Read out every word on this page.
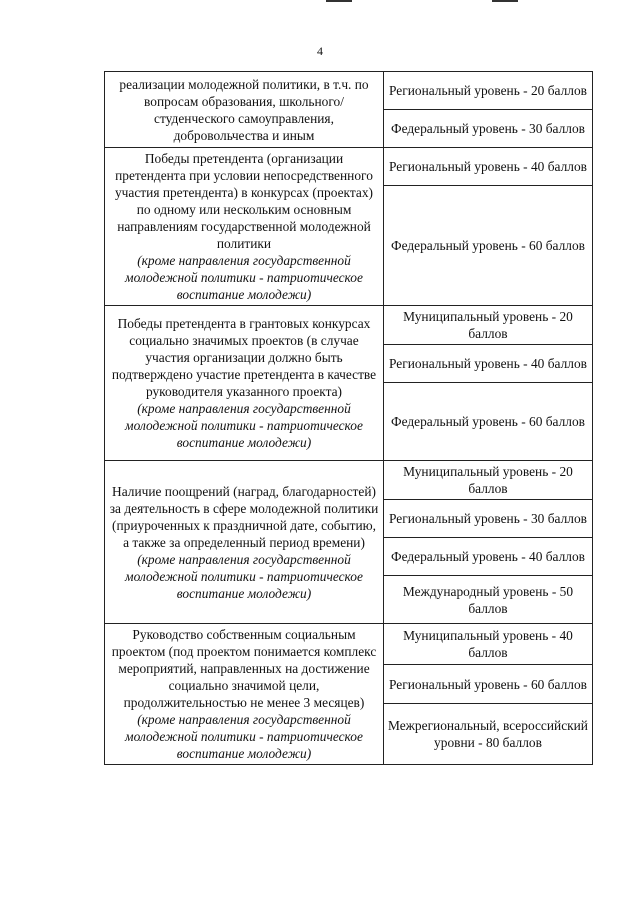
4
реализации молодежной политики, в т.ч. по вопросам образования, школьного/студенческого самоуправления, добровольчества и иным	Региональный уровень - 20 баллов
	Федеральный уровень - 30 баллов

Победы претендента (организации претендента при условии непосредственного участия претендента) в конкурсах (проектах) по одному или нескольким основным направлениям государственной молодежной политики
(кроме направления государственной молодежной политики - патриотическое воспитание молодежи)	Региональный уровень - 40 баллов
	Федеральный уровень - 60 баллов

Победы претендента в грантовых конкурсах социально значимых проектов (в случае участия организации должно быть подтверждено участие претендента в качестве руководителя указанного проекта)
(кроме направления государственной молодежной политики - патриотическое воспитание молодежи)	Муниципальный уровень - 20 баллов
	Региональный уровень - 40 баллов
	Федеральный уровень - 60 баллов

Наличие поощрений (наград, благодарностей) за деятельность в сфере молодежной политики (приуроченных к праздничной дате, событию, а также за определенный период времени)
(кроме направления государственной молодежной политики - патриотическое воспитание молодежи)	Муниципальный уровень - 20 баллов
	Региональный уровень - 30 баллов
	Федеральный уровень - 40 баллов
	Международный уровень - 50 баллов

Руководство собственным социальным проектом (под проектом понимается комплекс мероприятий, направленных на достижение социально значимой цели, продолжительностью не менее 3 месяцев)
(кроме направления государственной молодежной политики - патриотическое воспитание молодежи)	Муниципальный уровень - 40 баллов
	Региональный уровень - 60 баллов
	Межрегиональный, всероссийский уровни - 80 баллов
